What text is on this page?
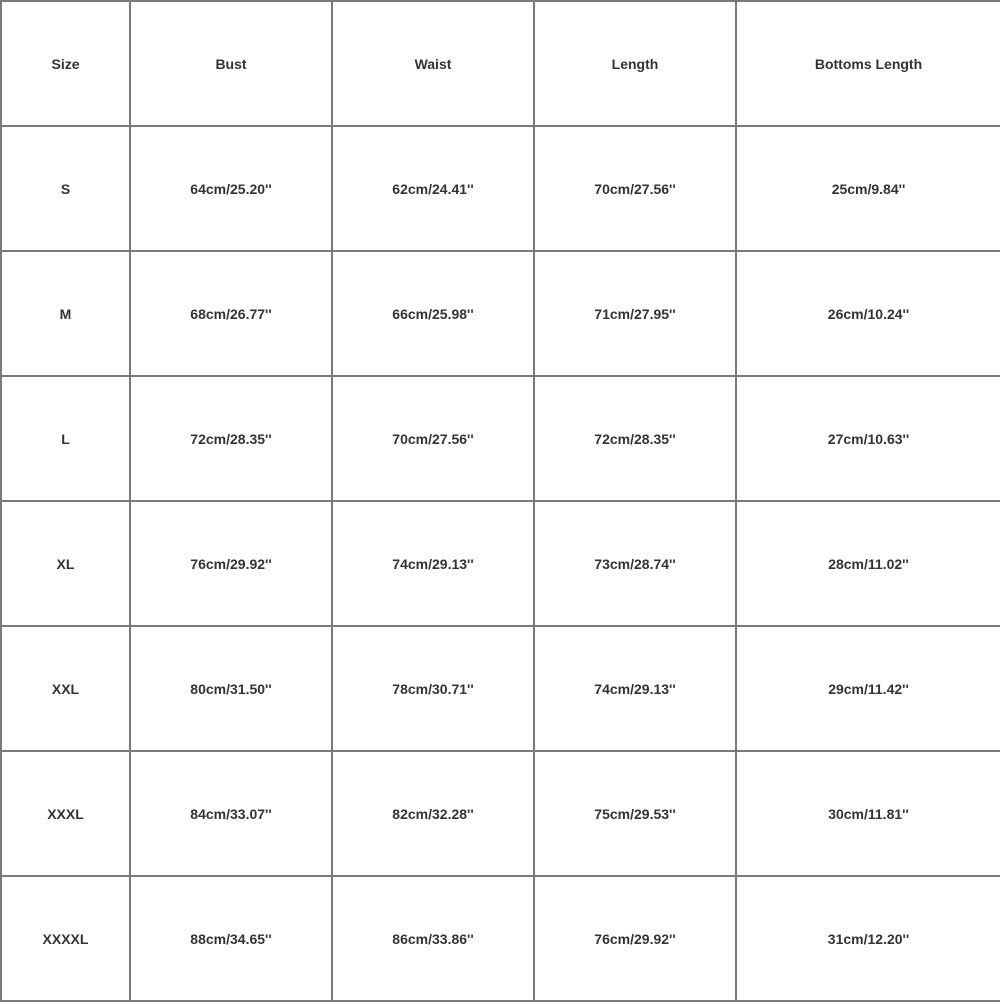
Size	Bust	Waist	Length	Bottoms Length
S	64cm/25.20''	62cm/24.41''	70cm/27.56''	25cm/9.84''
M	68cm/26.77''	66cm/25.98''	71cm/27.95''	26cm/10.24''
L	72cm/28.35''	70cm/27.56''	72cm/28.35''	27cm/10.63''
XL	76cm/29.92''	74cm/29.13''	73cm/28.74''	28cm/11.02''
XXL	80cm/31.50''	78cm/30.71''	74cm/29.13''	29cm/11.42''
XXXL	84cm/33.07''	82cm/32.28''	75cm/29.53''	30cm/11.81''
XXXXL	88cm/34.65''	86cm/33.86''	76cm/29.92''	31cm/12.20''
